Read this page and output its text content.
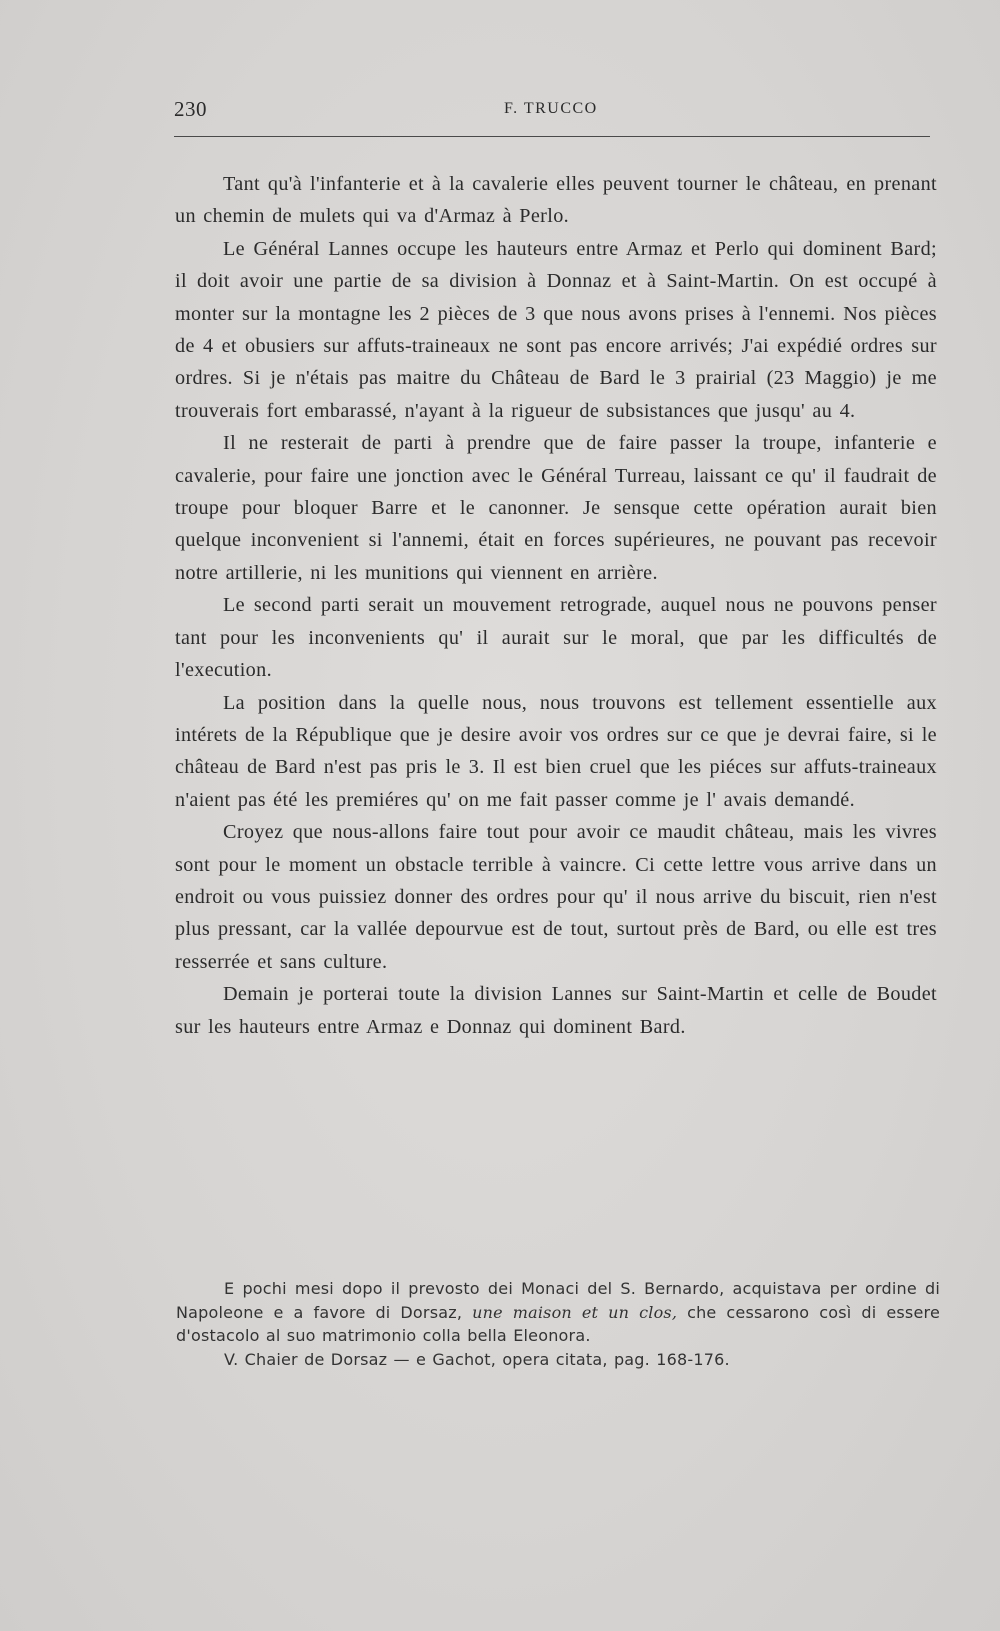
230	F. TRUCCO

Tant qu'à l'infanterie et à la cavalerie elles peuvent tourner le château, en prenant un chemin de mulets qui va d'Armaz à Perlo.

Le Général Lannes occupe les hauteurs entre Armaz et Perlo qui dominent Bard; il doit avoir une partie de sa division à Donnaz et à Saint-Martin. On est occupé à monter sur la montagne les 2 pièces de 3 que nous avons prises à l'ennemi. Nos pièces de 4 et obusiers sur affuts-traineaux ne sont pas encore arrivés; J'ai expédié ordres sur ordres. Si je n'étais pas maitre du Château de Bard le 3 prairial (23 Maggio) je me trouverais fort embarassé, n'ayant à la rigueur de subsistances que jusqu' au 4.

Il ne resterait de parti à prendre que de faire passer la troupe, infanterie e cavalerie, pour faire une jonction avec le Général Turreau, laissant ce qu' il faudrait de troupe pour bloquer Barre et le canonner. Je sensque cette opération aurait bien quelque inconvenient si l'annemi, était en forces supérieures, ne pouvant pas recevoir notre artillerie, ni les munitions qui viennent en arrière.

Le second parti serait un mouvement retrograde, auquel nous ne pouvons penser tant pour les inconvenients qu' il aurait sur le moral, que par les difficultés de l'execution.

La position dans la quelle nous, nous trouvons est tellement essentielle aux intérets de la République que je desire avoir vos ordres sur ce que je devrai faire, si le château de Bard n'est pas pris le 3. Il est bien cruel que les piéces sur affuts-traineaux n'aient pas été les premiéres qu' on me fait passer comme je l' avais demandé.

Croyez que nous-allons faire tout pour avoir ce maudit château, mais les vivres sont pour le moment un obstacle terrible à vaincre. Ci cette lettre vous arrive dans un endroit ou vous puissiez donner des ordres pour qu' il nous arrive du biscuit, rien n'est plus pressant, car la vallée depourvue est de tout, surtout près de Bard, ou elle est tres resserrée et sans culture.

Demain je porterai toute la division Lannes sur Saint-Martin et celle de Boudet sur les hauteurs entre Armaz e Donnaz qui dominent Bard.

E pochi mesi dopo il prevosto dei Monaci del S. Bernardo, acquistava per ordine di Napoleone e a favore di Dorsaz, une maison et un clos, che cessarono così di essere d'ostacolo al suo matrimonio colla bella Eleonora.

V. Chaier de Dorsaz — e Gachot, opera citata, pag. 168-176.
